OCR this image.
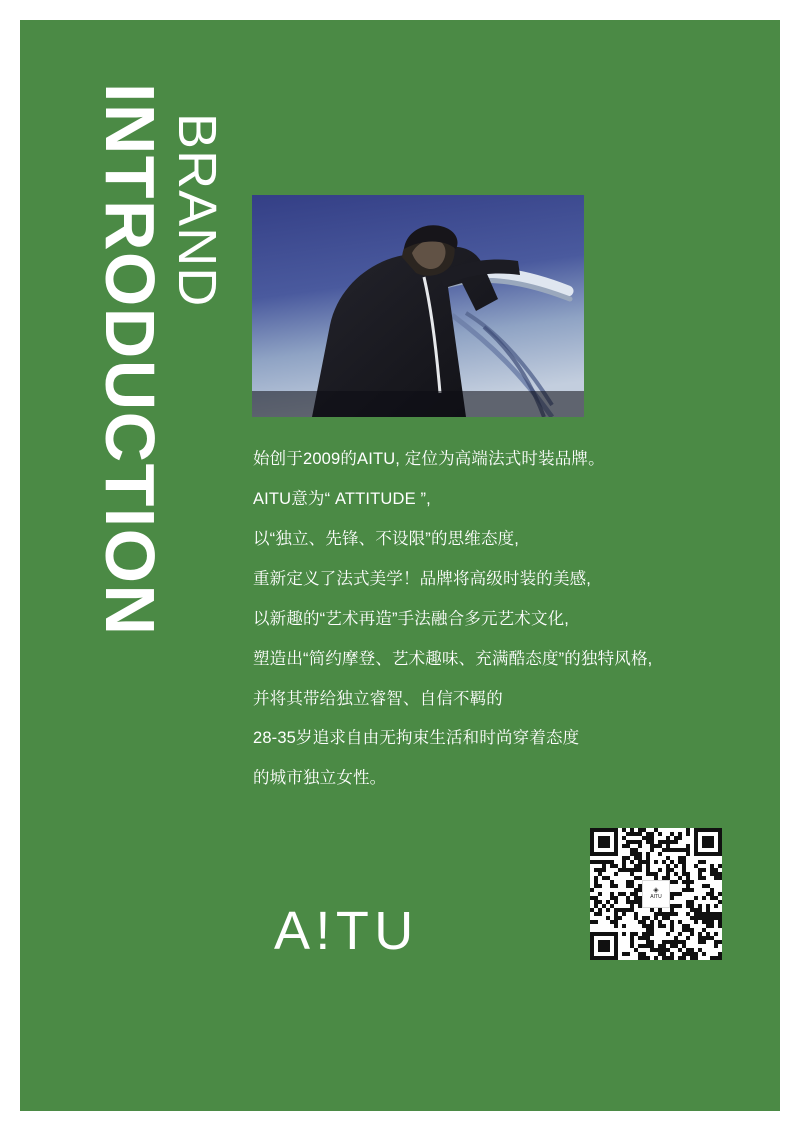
INTRODUCTION
BRAND

始创于2009的AITU, 定位为高端法式时装品牌。

AITU意为“ ATTITUDE ”,

以“独立、先锋、不设限”的思维态度,

重新定义了法式美学！品牌将高级时装的美感,

以新趣的“艺术再造”手法融合多元艺术文化,

塑造出“简约摩登、艺术趣味、充满酷态度”的独特风格,

并将其带给独立睿智、自信不羁的

28-35岁追求自由无拘束生活和时尚穿着态度

的城市独立女性。

A ! TU
◈
AITU
